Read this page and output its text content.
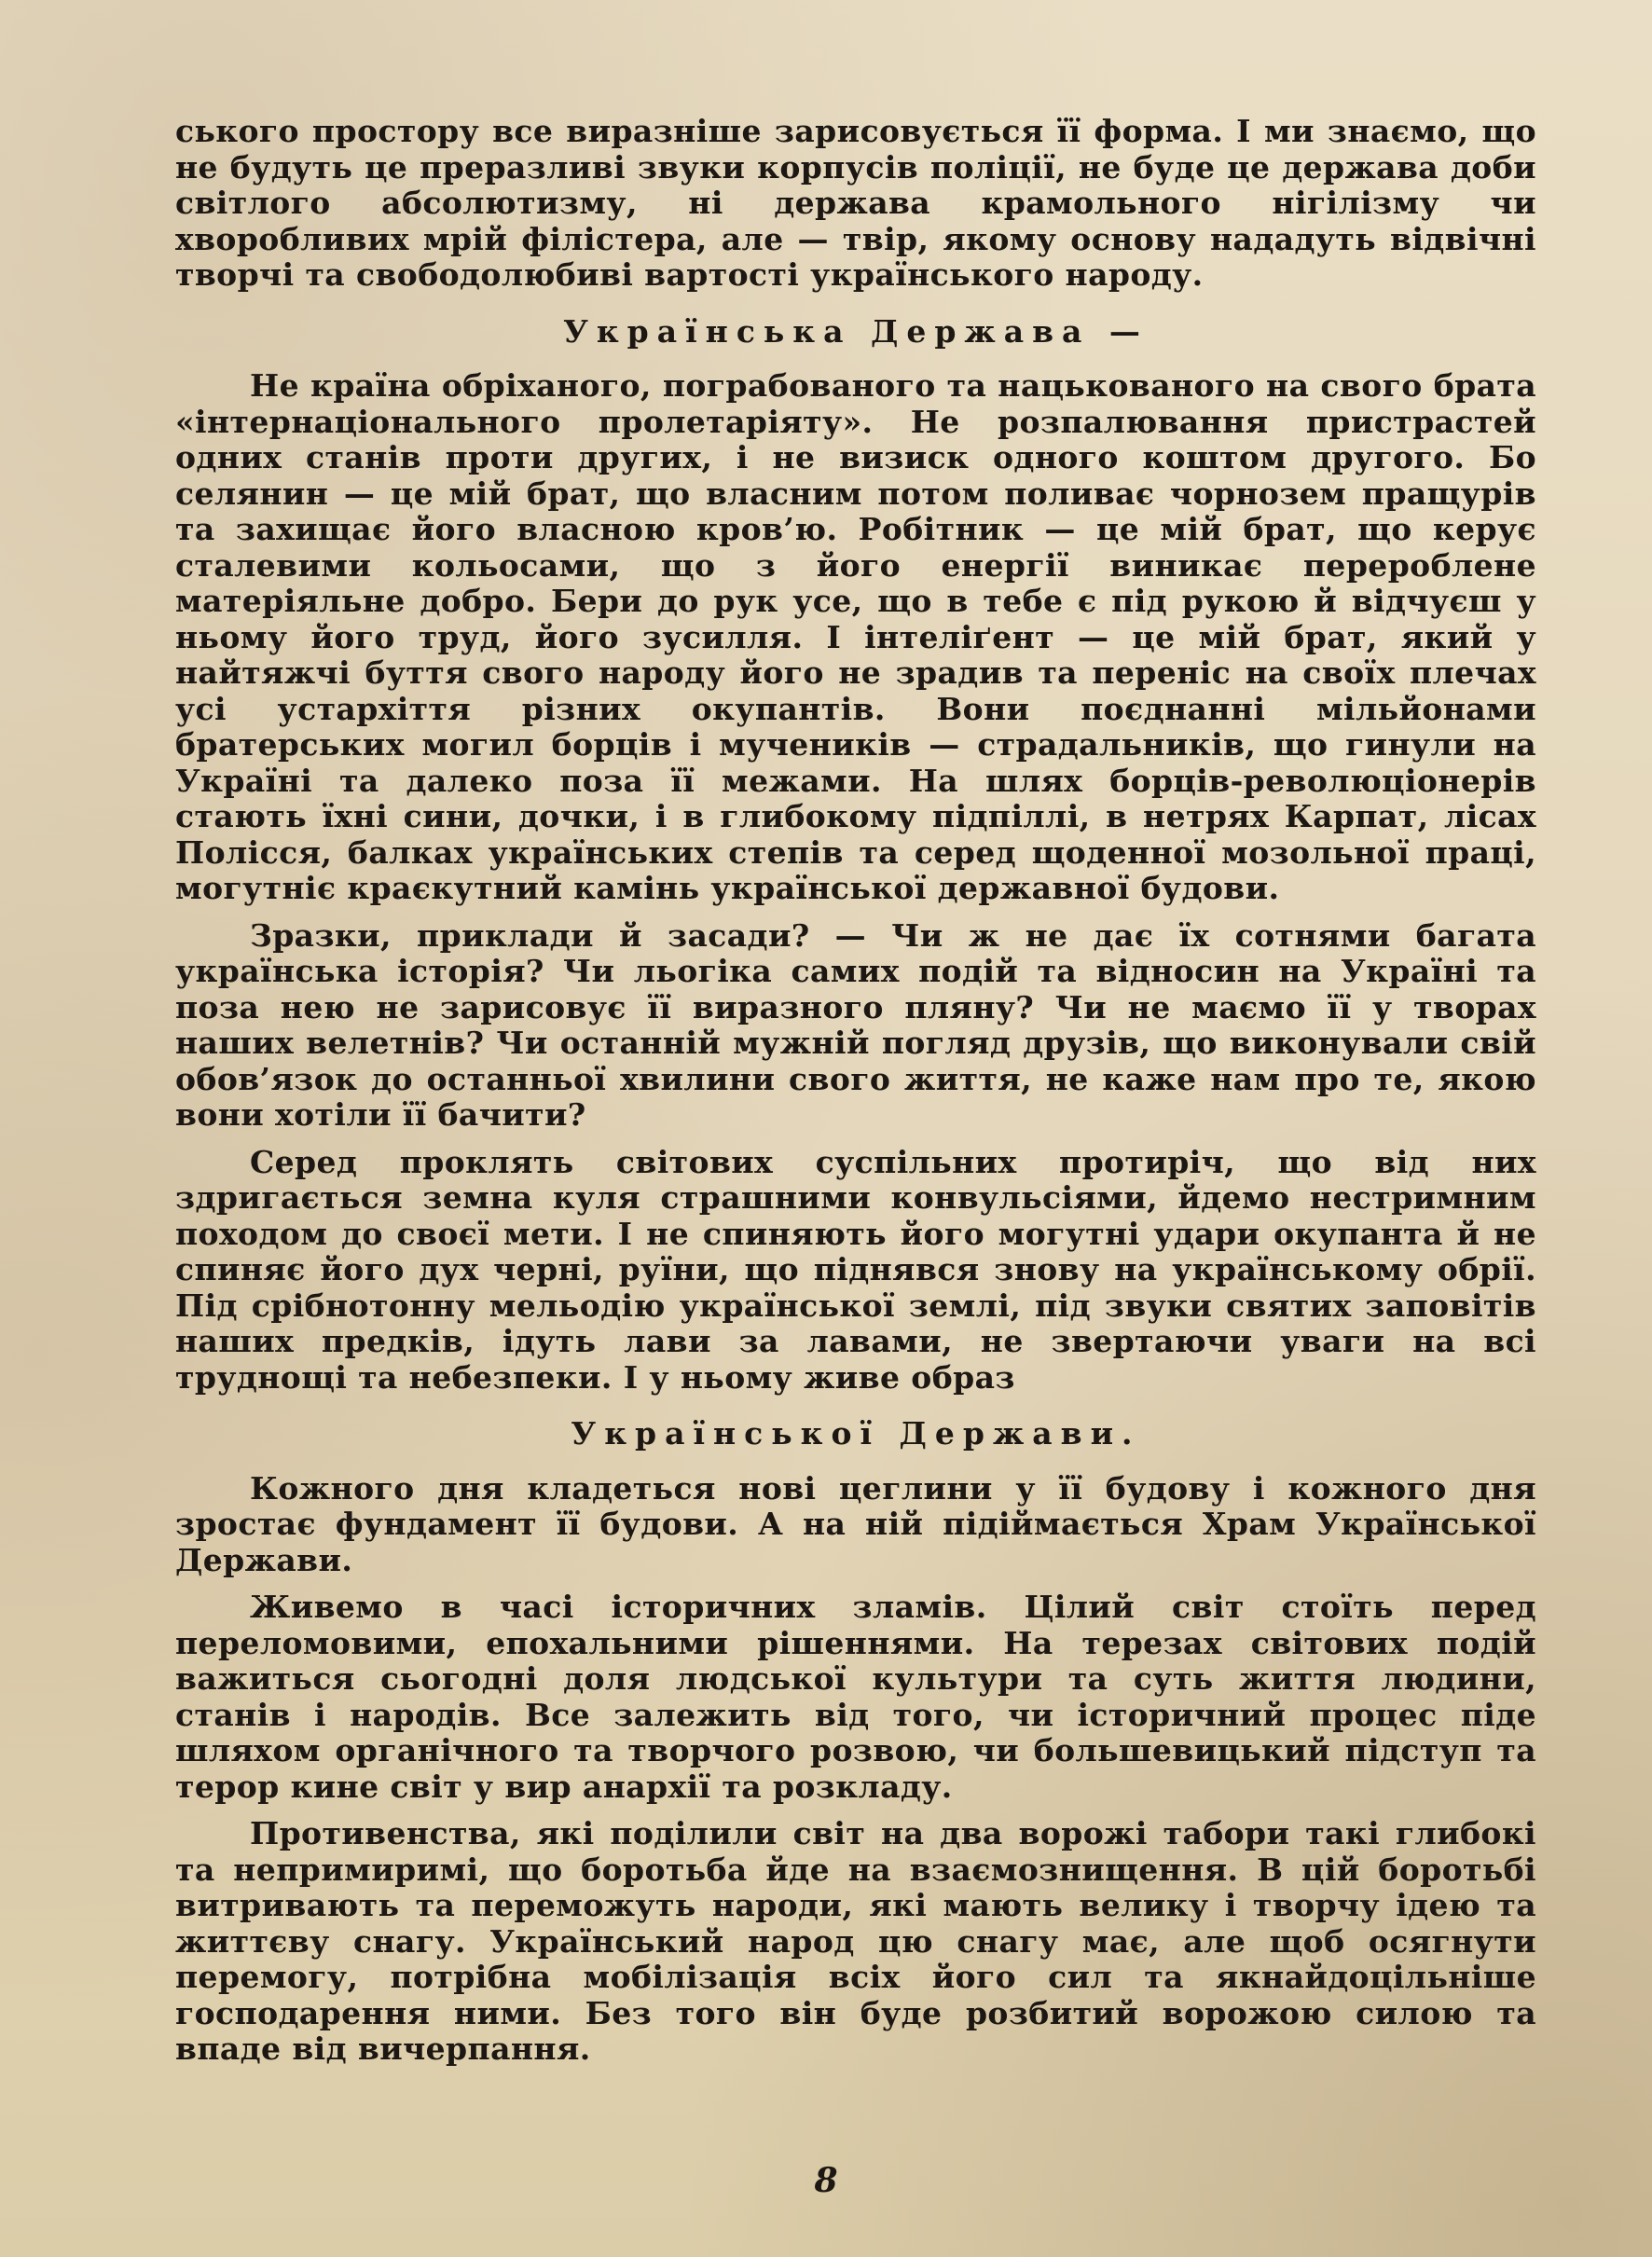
ського простору все виразніше зарисовується її форма. І ми знаємо, що не будуть це преразливі звуки корпусів поліції, не буде це держава доби світлого абсолютизму, ні держава крамольного нігілізму чи хворобливих мрій філістера, але — твір, якому основу нададуть відвічні творчі та свободолюбиві вартості українського народу.

Українська Держава —

Не країна обріханого, пограбованого та нацькованого на свого брата «інтернаціонального пролетаріяту». Не розпалювання пристрастей одних станів проти других, і не визиск одного коштом другого. Бо селянин — це мій брат, що власним потом поливає чорнозем пращурів та захищає його власною кров’ю. Робітник — це мій брат, що керує сталевими кольосами, що з його енергії виникає перероблене матеріяльне добро. Бери до рук усе, що в тебе є під рукою й відчуєш у ньому його труд, його зусилля. І інтеліґент — це мій брат, який у найтяжчі буття свого народу його не зрадив та переніс на своїх плечах усі устархіття різних окупантів. Вони поєднанні мільйонами братерських могил борців і мучеників — страдальників, що гинули на Україні та далеко поза її межами. На шлях борців-революціонерів стають їхні сини, дочки, і в глибокому підпіллі, в нетрях Карпат, лісах Полісся, балках українських степів та серед щоденної мозольної праці, могутніє краєкутний камінь української державної будови.

Зразки, приклади й засади? — Чи ж не дає їх сотнями багата українська історія? Чи льогіка самих подій та відносин на Україні та поза нею не зарисовує її виразного пляну? Чи не маємо її у творах наших велетнів? Чи останній мужній погляд друзів, що виконували свій обов’язок до останньої хвилини свого життя, не каже нам про те, якою вони хотіли її бачити?

Серед проклять світових суспільних протиріч, що від них здригається земна куля страшними конвульсіями, йдемо нестримним походом до своєї мети. І не спиняють його могутні удари окупанта й не спиняє його дух черні, руїни, що піднявся знову на українському обрії. Під срібнотонну мельодію української землі, під звуки святих заповітів наших предків, ідуть лави за лавами, не звертаючи уваги на всі труднощі та небезпеки. І у ньому живе образ

Української Держави.

Кожного дня кладеться нові цеглини у її будову і кожного дня зростає фундамент її будови. А на ній підіймається Храм Української Держави.

Живемо в часі історичних зламів. Цілий світ стоїть перед переломовими, епохальними рішеннями. На терезах світових подій важиться сьогодні доля людської культури та суть життя людини, станів і народів. Все залежить від того, чи історичний процес піде шляхом органічного та творчого розвою, чи большевицький підступ та терор кине світ у вир анархії та розкладу.

Противенства, які поділили світ на два ворожі табори такі глибокі та непримиримі, що боротьба йде на взаємознищення. В цій боротьбі витривають та переможуть народи, які мають велику і творчу ідею та життєву снагу. Український народ цю снагу має, але щоб осягнути перемогу, потрібна мобілізація всіх його сил та якнайдоцільніше господарення ними. Без того він буде розбитий ворожою силою та впаде від вичерпання.

8
